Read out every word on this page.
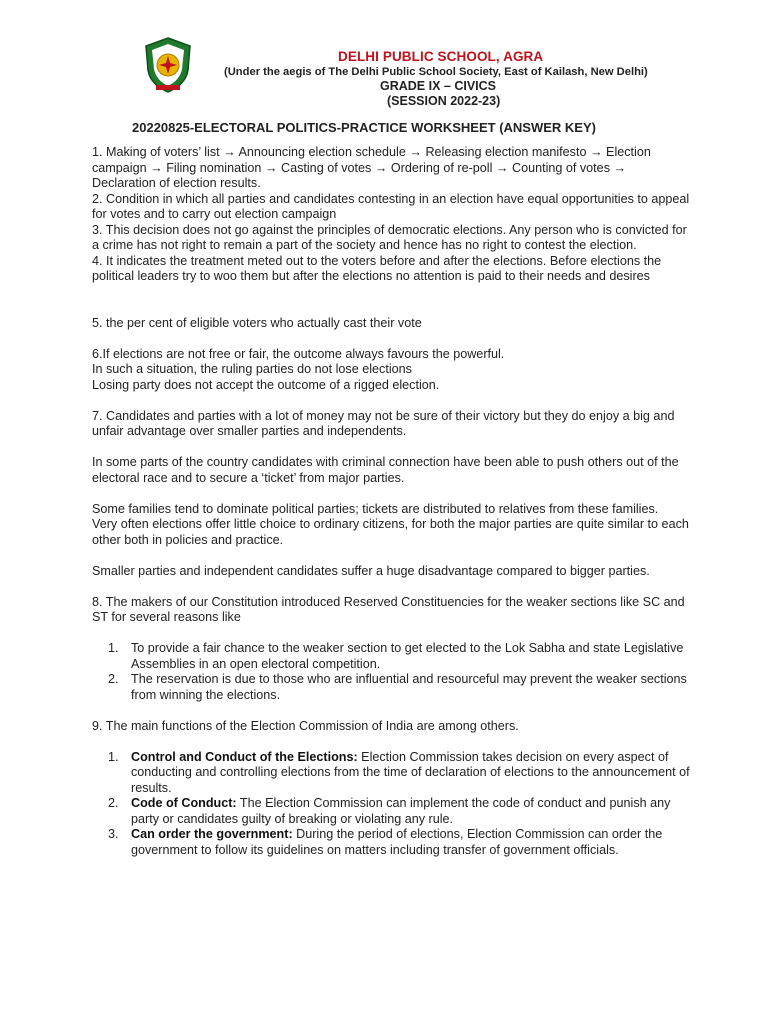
DELHI PUBLIC SCHOOL, AGRA
(Under the aegis of The Delhi Public School Society, East of Kailash, New Delhi)
GRADE IX – CIVICS
(SESSION 2022-23)
20220825-ELECTORAL POLITICS-PRACTICE WORKSHEET (ANSWER KEY)

1. Making of voters’ list → Announcing election schedule → Releasing election manifesto → Election campaign → Filing nomination → Casting of votes → Ordering of re-poll → Counting of votes → Declaration of election results.

2. Condition in which all parties and candidates contesting in an election have equal opportunities to appeal for votes and to carry out election campaign

3. This decision does not go against the principles of democratic elections. Any person who is convicted for a crime has not right to remain a part of the society and hence has no right to contest the election.

4. It indicates the treatment meted out to the voters before and after the elections. Before elections the political leaders try to woo them but after the elections no attention is paid to their needs and desires

5. the per cent of eligible voters who actually cast their vote

6.If elections are not free or fair, the outcome always favours the powerful.

In such a situation, the ruling parties do not lose elections

Losing party does not accept the outcome of a rigged election.

7. Candidates and parties with a lot of money may not be sure of their victory but they do enjoy a big and unfair advantage over smaller parties and independents.

In some parts of the country candidates with criminal connection have been able to push others out of the electoral race and to secure a ‘ticket’ from major parties.

Some families tend to dominate political parties; tickets are distributed to relatives from these families.

Very often elections offer little choice to ordinary citizens, for both the major parties are quite similar to each other both in policies and practice.

Smaller parties and independent candidates suffer a huge disadvantage compared to bigger parties.

8. The makers of our Constitution introduced Reserved Constituencies for the weaker sections like SC and ST for several reasons like

1. To provide a fair chance to the weaker section to get elected to the Lok Sabha and state Legislative Assemblies in an open electoral competition.
2. The reservation is due to those who are influential and resourceful may prevent the weaker sections from winning the elections.

9. The main functions of the Election Commission of India are among others.

1. Control and Conduct of the Elections: Election Commission takes decision on every aspect of conducting and controlling elections from the time of declaration of elections to the announcement of results.
2. Code of Conduct: The Election Commission can implement the code of conduct and punish any party or candidates guilty of breaking or violating any rule.
3. Can order the government: During the period of elections, Election Commission can order the government to follow its guidelines on matters including transfer of government officials.
